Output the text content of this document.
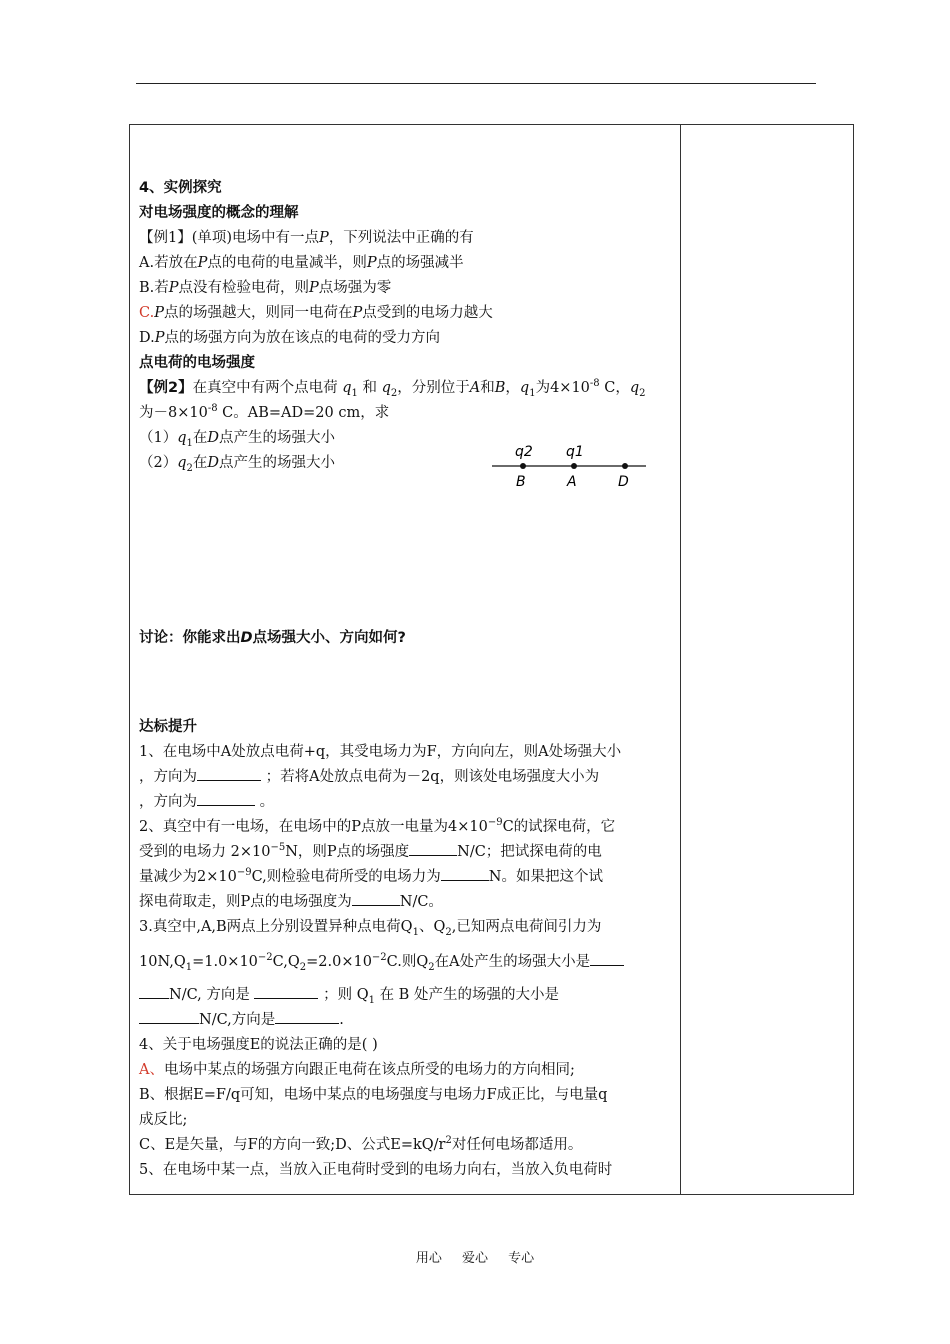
4、实例探究
对电场强度的概念的理解
【例1】(单项)电场中有一点P，下列说法中正确的有
A.若放在P点的电荷的电量减半，则P点的场强减半
B.若P点没有检验电荷，则P点场强为零
C.P点的场强越大，则同一电荷在P点受到的电场力越大
D.P点的场强方向为放在该点的电荷的受力方向
点电荷的电场强度
【例2】在真空中有两个点电荷 $q_1$ 和 $q_2$，分别位于A和B，$q_1$为$4\times 10^{-8}$ C，$q_2$
为$-8\times 10^{-8}$ C。AB=AD=20 cm，求
$(1)q_1$在D点产生的场强大小
$(2)q_2$在D点产生的场强大小
讨论：你能求出D点场强大小、方向如何?
达标提升
1、在电场中A处放点电荷+q，其受电场力为F，方向向左，则A处场强大小
，方向为	；若将A处放点电荷为－2q，则该处电场强度大小为
，方向为	。
2、真空中有一电场，在电场中的P点放一电量为$4\times 10^{-9}C$的试探电荷，它
受到的电场力 $2\times 10^{-5}N$，则P点的场强度	N/C；把试探电荷的电
量减少为$2\times 10^{-9}C$,则检验电荷所受的电场力为	N。如果把这个试
探电荷取走，则P点的电场强度为	N/C。
3.真空中,A,B两点上分别设置异种点电荷$Q_1$、$Q_2$,已知两点电荷间引力为
$10N,Q_1=1.0\times 10^{-2}C,Q_2=2.0\times 10^{-2}C$.则$Q_2$在A处产生的场强大小是
N/C, 方向是	；则 $Q_1$ 在 B 处产生的场强的大小是
N/C,方向是	.
4、关于电场强度E的说法正确的是( )
A、电场中某点的场强方向跟正电荷在该点所受的电场力的方向相同;
B、根据E=F/q可知，电场中某点的电场强度与电场力F成正比，与电量q
成反比;
C、E是矢量，与F的方向一致;D、公式$E=kQ/r^2$对任何电场都适用。
5、在电场中某一点，当放入正电荷时受到的电场力向右，当放入负电荷时
q2 q1
B	A	D
用心 爱心 专心
